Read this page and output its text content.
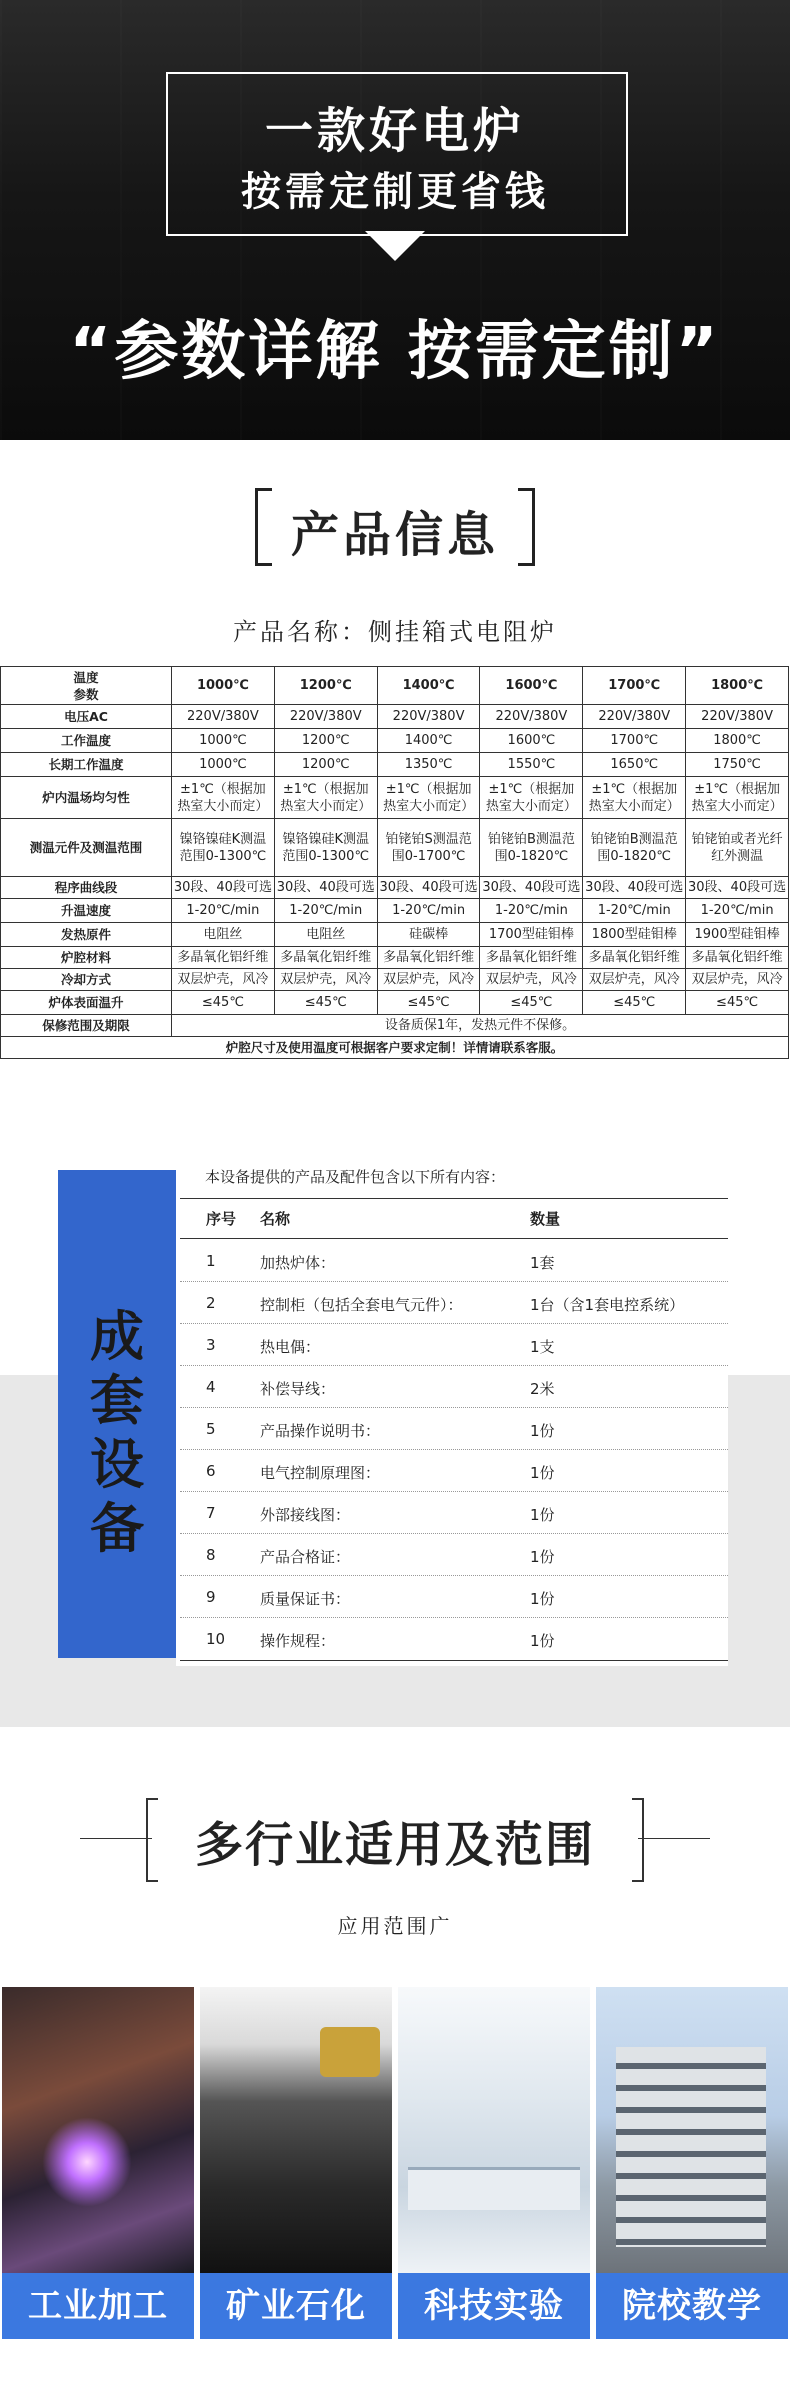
一款好电炉
按需定制更省钱
“参数详解 按需定制”
产品信息
产品名称：侧挂箱式电阻炉
温度
参数	1000℃	1200℃	1400℃	1600℃	1700℃	1800℃
电压AC	220V/380V	220V/380V	220V/380V	220V/380V	220V/380V	220V/380V
工作温度	1000℃	1200℃	1400℃	1600℃	1700℃	1800℃
长期工作温度	1000℃	1200℃	1350℃	1550℃	1650℃	1750℃
炉内温场均匀性	±1℃（根据加热室大小而定）	±1℃（根据加热室大小而定）	±1℃（根据加热室大小而定）	±1℃（根据加热室大小而定）	±1℃（根据加热室大小而定）	±1℃（根据加热室大小而定）
测温元件及测温范围	镍铬镍硅K测温范围0-1300℃	镍铬镍硅K测温范围0-1300℃	铂铑铂S测温范围0-1700℃	铂铑铂B测温范围0-1820℃	铂铑铂B测温范围0-1820℃	铂铑铂或者光纤红外测温
程序曲线段	30段、40段可选	30段、40段可选	30段、40段可选	30段、40段可选	30段、40段可选	30段、40段可选
升温速度	1-20℃/min	1-20℃/min	1-20℃/min	1-20℃/min	1-20℃/min	1-20℃/min
发热原件	电阻丝	电阻丝	硅碳棒	1700型硅钼棒	1800型硅钼棒	1900型硅钼棒
炉腔材料	多晶氧化铝纤维	多晶氧化铝纤维	多晶氧化铝纤维	多晶氧化铝纤维	多晶氧化铝纤维	多晶氧化铝纤维
冷却方式	双层炉壳，风冷	双层炉壳，风冷	双层炉壳，风冷	双层炉壳，风冷	双层炉壳，风冷	双层炉壳，风冷
炉体表面温升	≤45℃	≤45℃	≤45℃	≤45℃	≤45℃	≤45℃
保修范围及期限	设备质保1年，发热元件不保修。					
炉腔尺寸及使用温度可根据客户要求定制！详情请联系客服。						
成套设备
本设备提供的产品及配件包含以下所有内容：
序号 名称	数量
1	加热炉体：	1套
2	控制柜（包括全套电气元件）：	1台（含1套电控系统）
3	热电偶：	1支
4	补偿导线：	2米
5	产品操作说明书：	1份
6	电气控制原理图：	1份
7	外部接线图：	1份
8	产品合格证：	1份
9	质量保证书：	1份
10 操作规程：	1份
多行业适用及范围
应用范围广
工业加工	矿业石化	科技实验	院校教学
